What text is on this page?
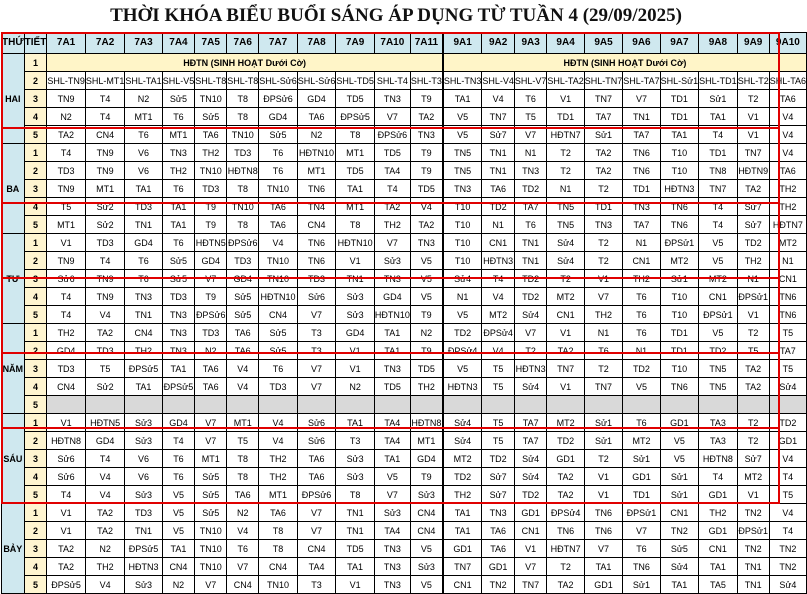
THỜI KHÓA BIỂU BUỔI SÁNG ÁP DỤNG TỪ TUẦN 4 (29/09/2025)
THỨ	TIẾT	7A1	7A2	7A3	7A4	7A5	7A6	7A7	7A8	7A9	7A10	7A11		9A1	9A2	9A3	9A4	9A5	9A6	9A7	9A8	9A9	9A10
HAI	1	HĐTN (SINH HOẠT Dưới Cờ)											HĐTN (SINH HOẠT Dưới Cờ)									
	2	SHL-TN9	SHL-MT1	SHL-TA1	SHL-V5	SHL-T8	SHL-T8	SHL-Sử6	SHL-Sử6	SHL-TD5	SHL-T4	SHL-T3		SHL-TN3	SHL-V4	SHL-V7	SHL-TA2	SHL-TN7	SHL-TA7	SHL-Sử1	SHL-TD1	SHL-T2	SHL-TA6
	3	TN9	T4	N2	Sử5	TN10	T8	ĐPSử6	GD4	TD5	TN3	T9		TA1	V4	T6	V1	TN7	V7	TD1	Sử1	T2	TA6
	4	N2	T4	MT1	T6	Sử5	T8	GD4	TA6	ĐPSử5	V7	TA2		V5	TN7	T5	TD1	TA7	TN1	TD1	TA1	V1	V4
	5	TA2	CN4	T6	MT1	TA6	TN10	Sử5	N2	T8	ĐPSử6	TN3		V5	Sử7	V7	HĐTN7	Sử1	TA7	TA1	T4	V1	V4
BA	1	T4	TN9	V6	TN3	TH2	TD3	T6	HĐTN10	MT1	TD5	T9		TN5	TN1	N1	T2	TA2	TN6	T10	TD1	TN7	V4
	2	TD3	TN9	V6	TH2	TN10	HĐTN8	T6	MT1	TD5	TA4	T9		TN5	TN1	TN3	T2	TA2	TN6	T10	TN8	HĐTN9	TA6
	3	TN9	MT1	TA1	T6	TD3	T8	TN10	TN6	TA1	T4	TD5		TN3	TA6	TD2	N1	T2	TD1	HĐTN3	TN7	TA2	TH2
	4	T5	Sử2	TD3	TA1	T9	TN10	TA6	TN4	MT1	TA2	V4		T10	TD2	TA7	TN5	TD1	TN3	TN6	T4	Sử7	TH2
	5	MT1	Sử2	TN1	TA1	T9	T8	TA6	CN4	T8	TH2	TA2		T10	N1	T6	TN5	TN3	TA7	TN6	T4	Sử7	HĐTN7
TƯ	1	V1	TD3	GD4	T6	HĐTN5	ĐPSử6	V4	TN6	HĐTN10	V7	TN3		T10	CN1	TN1	Sử4	T2	N1	ĐPSử1	V5	TD2	MT2
	2	TN9	T4	T6	Sử5	GD4	TD3	TN10	TN6	V1	Sử3	V5		T10	HĐTN3	TN1	Sử4	T2	CN1	MT2	V5	TH2	N1
	3	Sử6	TN9	T6	Sử5	V7	GD4	TN10	TD3	TN1	TN3	V5		Sử4	T4	TD2	T2	V1	TH2	Sử1	MT2	N1	CN1
	4	T4	TN9	TN3	TD3	T9	Sử5	HĐTN10	Sử6	Sử3	GD4	V5		N1	V4	TD2	MT2	V7	T6	T10	CN1	ĐPSử1	TN6
	5	T4	V4	TN1	TN3	ĐPSử6	Sử5	CN4	V7	Sử3	HĐTN10	T9		V5	MT2	Sử4	CN1	TH2	T6	T10	ĐPSử1	V1	TN6
NĂM	1	TH2	TA2	CN4	TN3	TD3	TA6	Sử5	T3	GD4	TA1	N2		TD2	ĐPSử4	V7	V1	N1	T6	TD1	V5	T2	T5
	2	GD4	TD3	TH2	TN3	N2	TA6	Sử5	T3	V1	TA1	T9		ĐPSử4	V4	T2	TA2	T6	N1	TD1	TD2	T5	TA7
	3	TD3	T5	ĐPSử5	TA1	TA6	V4	T6	V7	V1	TN3	TD5		V5	T5	HĐTN3	TN7	T2	TD2	T10	TN5	TA2	T5
	4	CN4	Sử2	TA1	ĐPSử5	TA6	V4	TD3	V7	N2	TD5	TH2		HĐTN3	T5	Sử4	V1	TN7	V5	TN6	TN5	TA2	Sử4
	5																						
SÁU	1	V1	HĐTN5	Sử3	GD4	V7	MT1	V4	Sử6	TA1	TA4	HĐTN8		Sử4	T5	TA7	MT2	Sử1	T6	GD1	TA3	T2	TD2
	2	HĐTN8	GD4	Sử3	T4	V7	T5	V4	Sử6	T3	TA4	MT1		Sử4	T5	TA7	TD2	Sử1	MT2	V5	TA3	T2	GD1
	3	Sử6	T4	V6	T6	MT1	T8	TH2	TA6	Sử3	TA1	GD4		MT2	TD2	Sử4	GD1	T2	Sử1	V5	HĐTN8	Sử7	V4
	4	Sử6	V4	V6	T6	Sử5	T8	TH2	TA6	Sử3	V5	T9		TD2	Sử7	Sử4	TA2	V1	GD1	Sử1	T4	MT2	T4
	5	T4	V4	Sử3	V5	Sử5	TA6	MT1	ĐPSử6	T8	V7	Sử3		TH2	Sử7	TD2	TA2	V1	TD1	Sử1	GD1	V1	T5
BẢY	1	V1	TA2	TD3	V5	Sử5	N2	TA6	V7	TN1	Sử3	CN4		TA1	TN3	GD1	ĐPSử4	TN6	ĐPSử1	CN1	TH2	TN2	V4
	2	V1	TA2	TN1	V5	TN10	V4	T8	V7	TN1	TA4	CN4		TA1	TA6	CN1	TN6	TN6	V7	TN2	GD1	ĐPSử1	T4
	3	TA2	N2	ĐPSử5	TA1	TN10	T6	T8	CN4	TD5	TN3	V5		GD1	TA6	V1	HĐTN7	V7	T6	Sử5	CN1	TN2	TN2
	4	TA2	TH2	HĐTN3	CN4	TN10	V7	CN4	TA4	TA1	TN3	Sử3		TN7	GD1	V7	T2	TA1	TN6	Sử4	TA1	TN1	TN2
	5	ĐPSử5	V4	Sử3	N2	V7	CN4	TN10	T3	V1	TN3	V5		CN1	TN2	TN7	TA2	GD1	Sử1	TA1	TA5	TN1	Sử4
